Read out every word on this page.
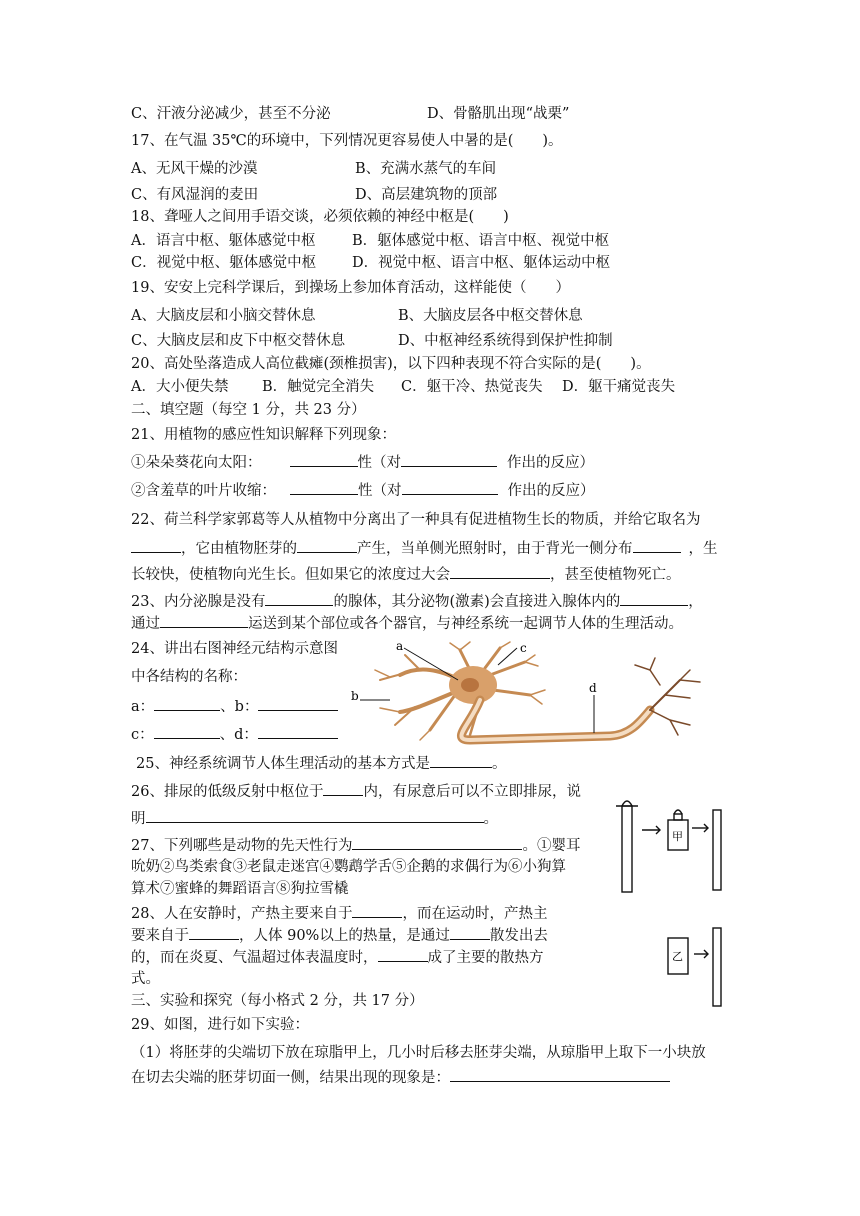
C、汗液分泌减少，甚至不分泌	D、骨骼肌出现“战栗”
17、在气温 35℃的环境中，下列情况更容易使人中暑的是(　　)。
A、无风干燥的沙漠	B、充满水蒸气的车间
C、有风湿润的麦田	D、高层建筑物的顶部
18、聋哑人之间用手语交谈，必须依赖的神经中枢是(　　)
A．语言中枢、躯体感觉中枢	B．躯体感觉中枢、语言中枢、视觉中枢
C．视觉中枢、躯体感觉中枢 D．视觉中枢、语言中枢、躯体运动中枢
19、安安上完科学课后，到操场上参加体育活动，这样能使（　　）
A、大脑皮层和小脑交替休息	B、大脑皮层各中枢交替休息
C、大脑皮层和皮下中枢交替休息	D、中枢神经系统得到保护性抑制
20、高处坠落造成人高位截瘫(颈椎损害)，以下四种表现不符合实际的是(　　)。
A．大小便失禁 B．触觉完全消失 C．躯干冷、热觉丧失 D．躯干痛觉丧失
二、填空题（每空 1 分，共 23 分）
21、用植物的感应性知识解释下列现象：
①朵朵葵花向太阳：	性（对	作出的反应）
②含羞草的叶片收缩：	性（对	作出的反应）
22、荷兰科学家郭葛等人从植物中分离出了一种具有促进植物生长的物质，并给它取名为
，它由植物胚芽的	产生，当单侧光照射时，由于背光一侧分布	，生
长较快，使植物向光生长。但如果它的浓度过大会	，甚至使植物死亡。
23、内分泌腺是没有	的腺体，其分泌物(激素)会直接进入腺体内的	，
通过	运送到某个部位或各个器官，与神经系统一起调节人体的生理活动。
24、讲出右图神经元结构示意图
中各结构的名称：
a：	、b：
c：	、d：
a	c
b
d
25、神经系统调节人体生理活动的基本方式是	。
26、排尿的低级反射中枢位于	内，有尿意后可以不立即排尿，说
明	。
27、下列哪些是动物的先天性行为	。①婴耳
吮奶②鸟类索食③老鼠走迷宫④鹦鹉学舌⑤企鹅的求偶行为⑥小狗算
算术⑦蜜蜂的舞蹈语言⑧狗拉雪橇
28、人在安静时，产热主要来自于	，而在运动时，产热主
要来自于	，人体 90%以上的热量，是通过	散发出去
的，而在炎夏、气温超过体表温度时，	成了主要的散热方
式。
三、实验和探究（每小格式 2 分，共 17 分）
29、如图，进行如下实验：
（1）将胚芽的尖端切下放在琼脂甲上，几小时后移去胚芽尖端，从琼脂甲上取下一小块放
在切去尖端的胚芽切面一侧，结果出现的现象是：
甲
乙
